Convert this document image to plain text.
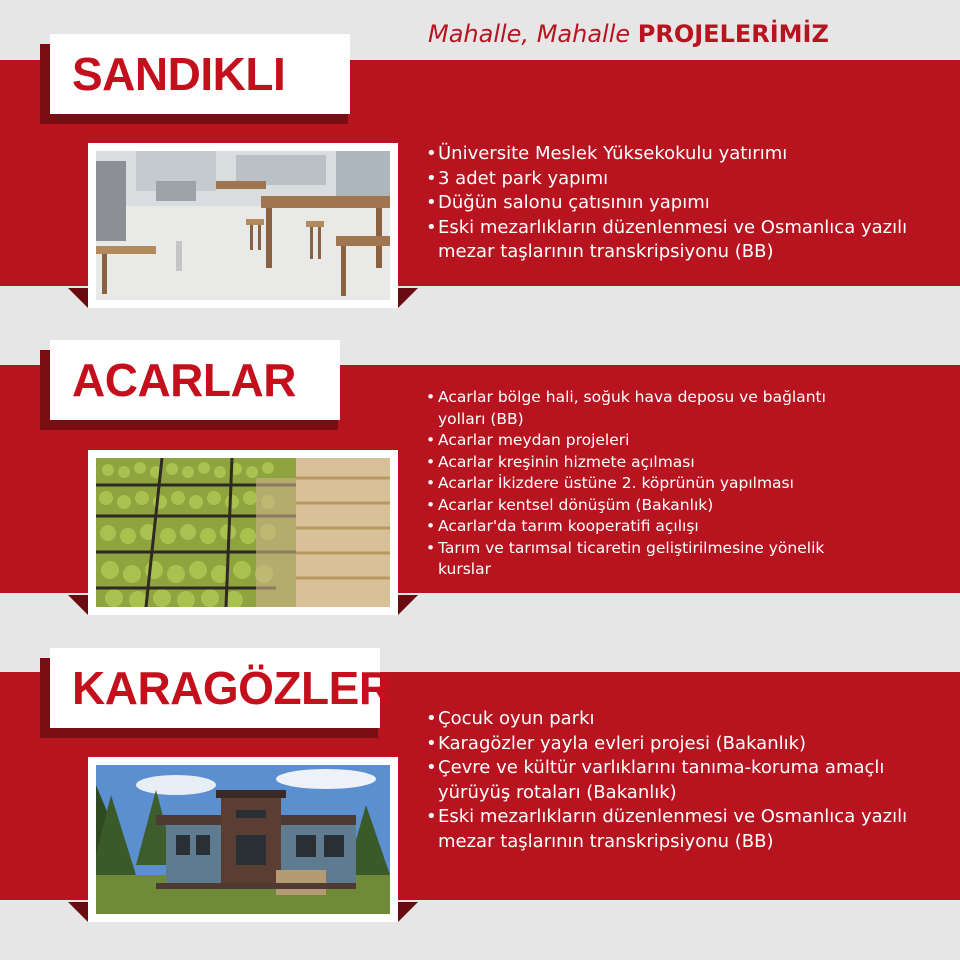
Mahalle, Mahalle PROJELERİMİZ
SANDIKLI
• Üniversite Meslek Yüksekokulu yatırımı
• 3 adet park yapımı
• Düğün salonu çatısının yapımı
• Eski mezarlıkların düzenlenmesi ve Osmanlıca yazılı mezar taşlarının transkripsiyonu (BB)
ACARLAR
•	Acarlar bölge hali, soğuk hava deposu ve bağlantı yolları (BB)
• Acarlar meydan projeleri
• Acarlar kreşinin hizmete açılması
• Acarlar İkizdere üstüne 2. köprünün yapılması
• Acarlar kentsel dönüşüm (Bakanlık)
• Acarlar'da tarım kooperatifi açılışı
• Tarım ve tarımsal ticaretin geliştirilmesine yönelik kurslar
KARAGÖZLER
• Çocuk oyun parkı
• Karagözler yayla evleri projesi (Bakanlık)
• Çevre ve kültür varlıklarını tanıma-koruma amaçlı yürüyüş rotaları (Bakanlık)
• Eski mezarlıkların düzenlenmesi ve Osmanlıca yazılı mezar taşlarının transkripsiyonu (BB)
